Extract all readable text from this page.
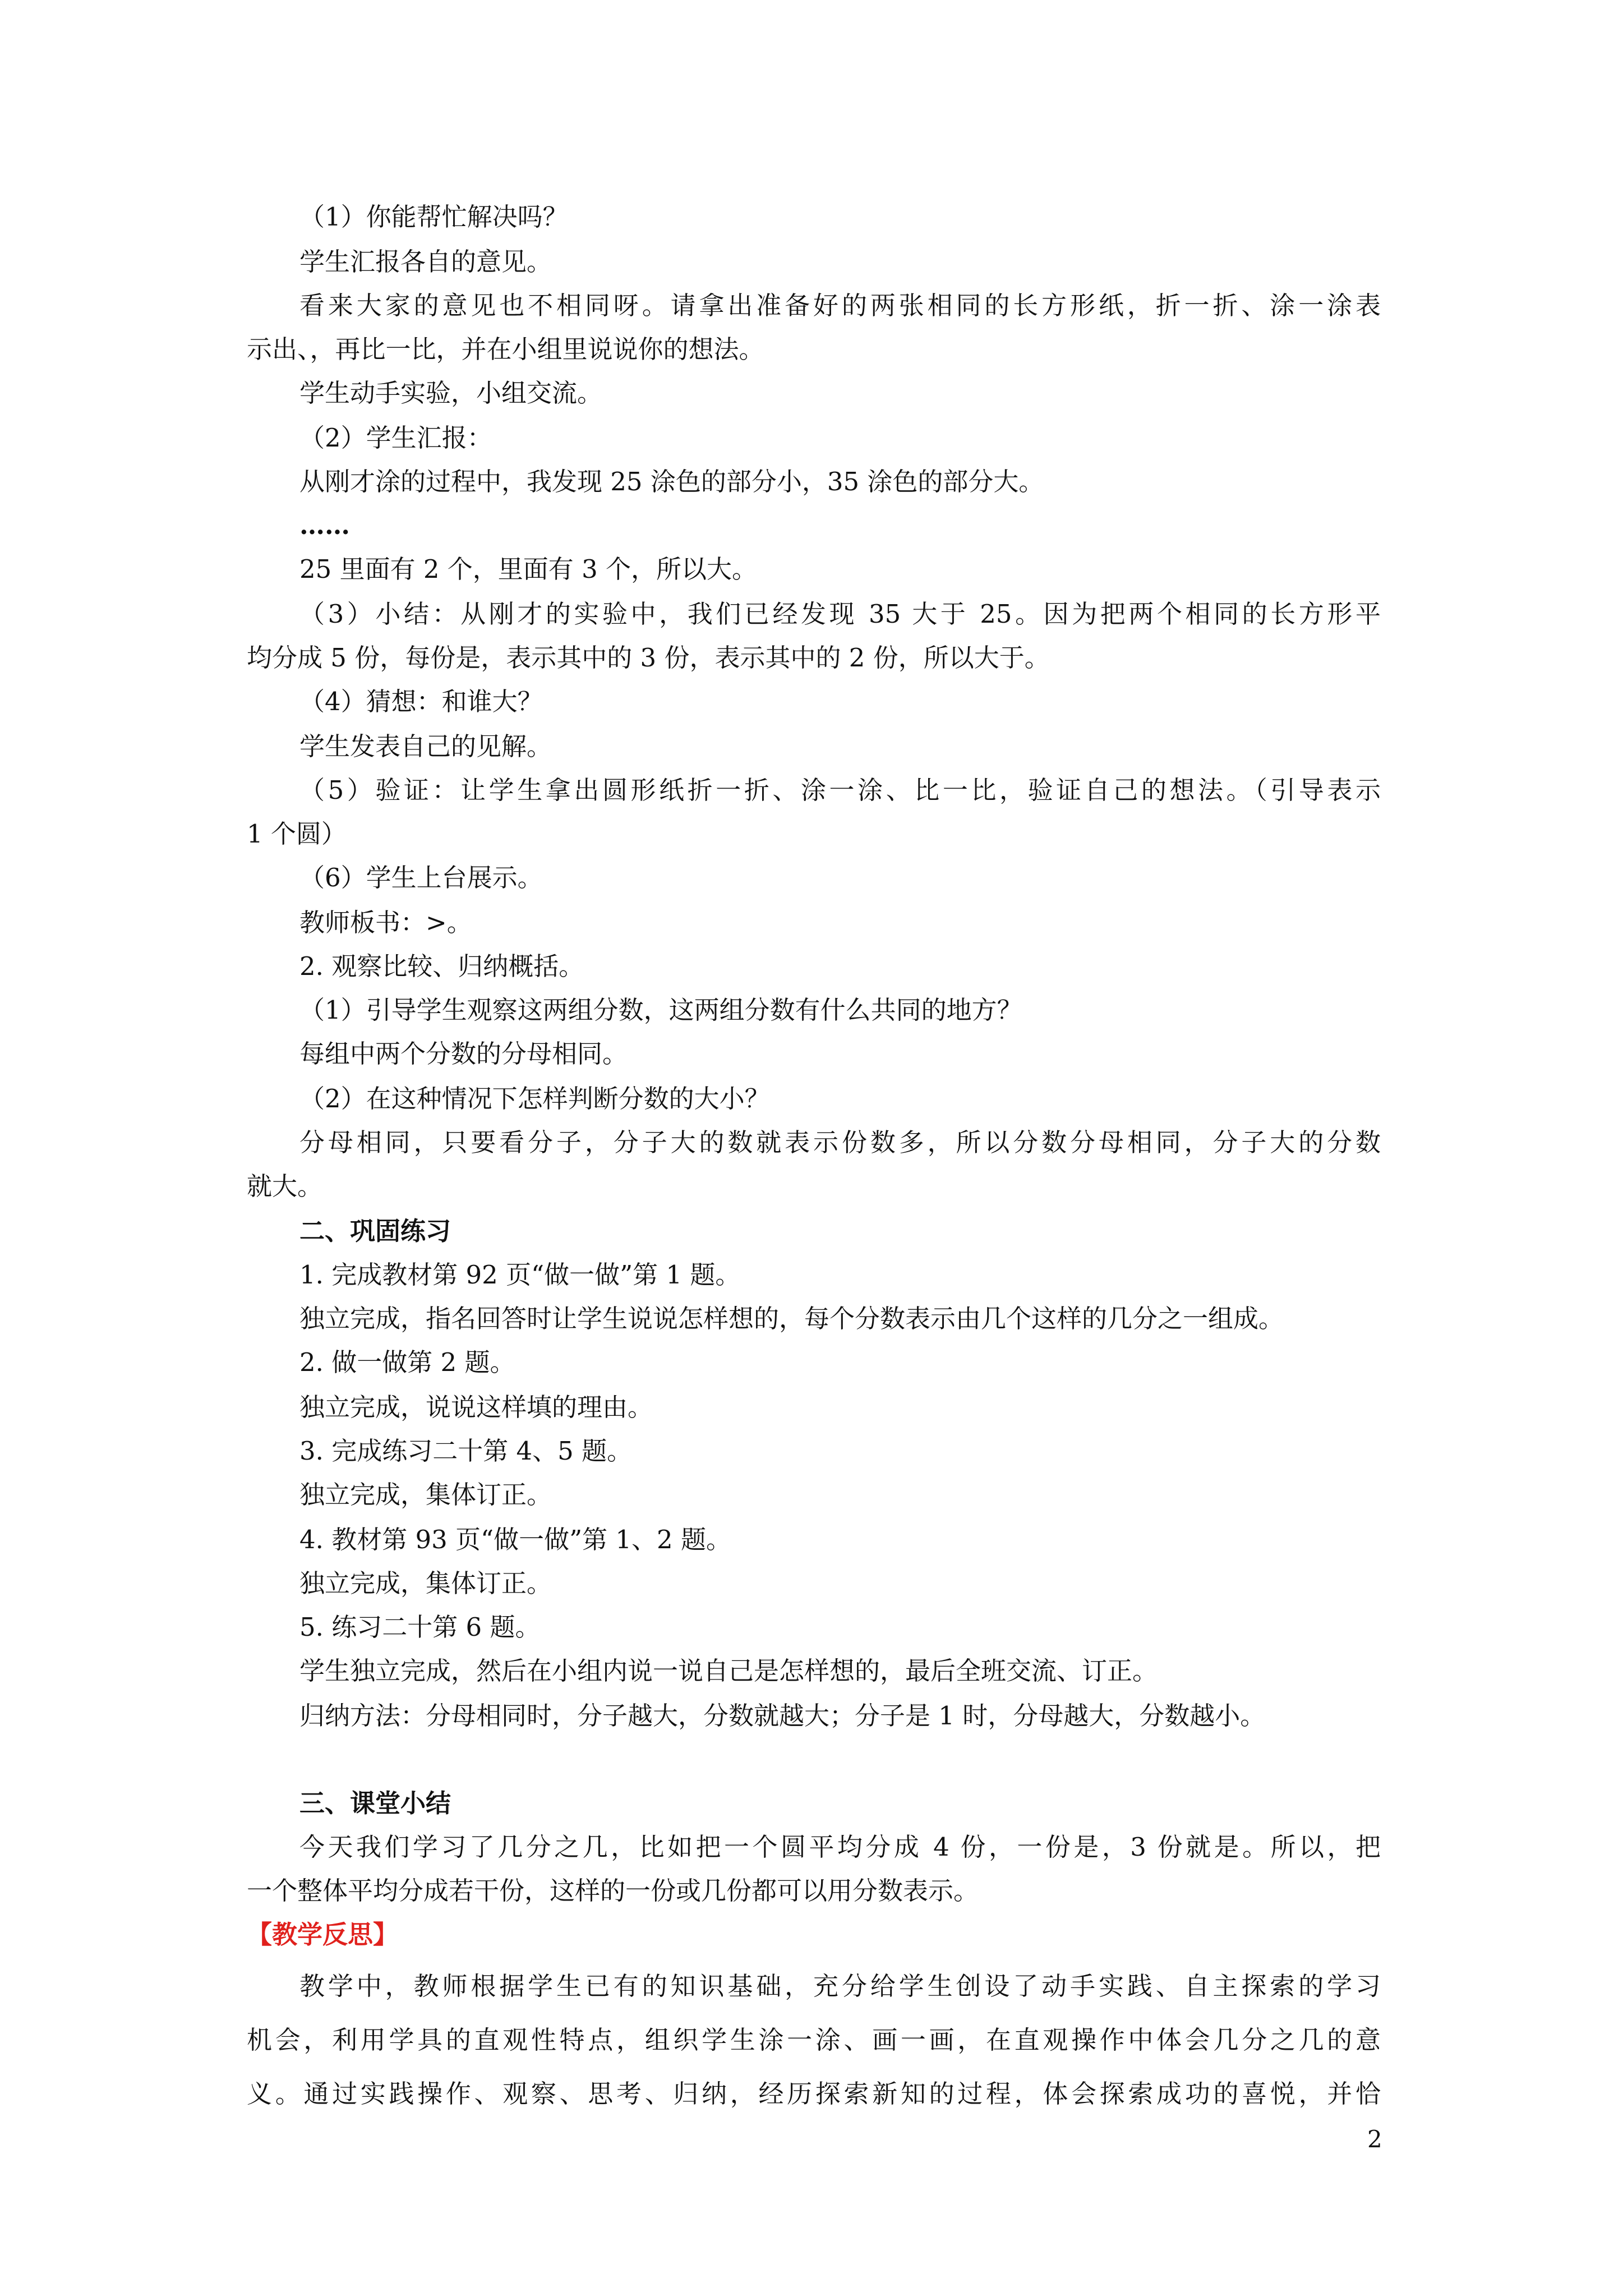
（1）你能帮忙解决吗？

学生汇报各自的意见。

看来大家的意见也不相同呀。请拿出准备好的两张相同的长方形纸，折一折、涂一涂表

示出、，再比一比，并在小组里说说你的想法。

学生动手实验，小组交流。

（2）学生汇报：

从刚才涂的过程中，我发现 25 涂色的部分小，35 涂色的部分大。

……

25 里面有 2 个，里面有 3 个，所以大。

（3）小结：从刚才的实验中，我们已经发现 35 大于 25。因为把两个相同的长方形平

均分成 5 份，每份是，表示其中的 3 份，表示其中的 2 份，所以大于。

（4）猜想：和谁大？

学生发表自己的见解。

（5）验证：让学生拿出圆形纸折一折、涂一涂、比一比，验证自己的想法。（引导表示

1 个圆）

（6）学生上台展示。

教师板书：>。

2. 观察比较、归纳概括。

（1）引导学生观察这两组分数，这两组分数有什么共同的地方？

每组中两个分数的分母相同。

（2）在这种情况下怎样判断分数的大小？

分母相同，只要看分子，分子大的数就表示份数多，所以分数分母相同，分子大的分数

就大。

二、巩固练习

1. 完成教材第 92 页“做一做”第 1 题。

独立完成，指名回答时让学生说说怎样想的，每个分数表示由几个这样的几分之一组成。

2. 做一做第 2 题。

独立完成，说说这样填的理由。

3. 完成练习二十第 4、5 题。

独立完成，集体订正。

4. 教材第 93 页“做一做”第 1、2 题。

独立完成，集体订正。

5. 练习二十第 6 题。

学生独立完成，然后在小组内说一说自己是怎样想的，最后全班交流、订正。

归纳方法：分母相同时，分子越大，分数就越大；分子是 1 时，分母越大，分数越小。

三、课堂小结

今天我们学习了几分之几，比如把一个圆平均分成 4 份，一份是，3 份就是。所以，把

一个整体平均分成若干份，这样的一份或几份都可以用分数表示。

【教学反思】

教学中，教师根据学生已有的知识基础，充分给学生创设了动手实践、自主探索的学习

机会，利用学具的直观性特点，组织学生涂一涂、画一画，在直观操作中体会几分之几的意

义。通过实践操作、观察、思考、归纳，经历探索新知的过程，体会探索成功的喜悦，并恰

2
